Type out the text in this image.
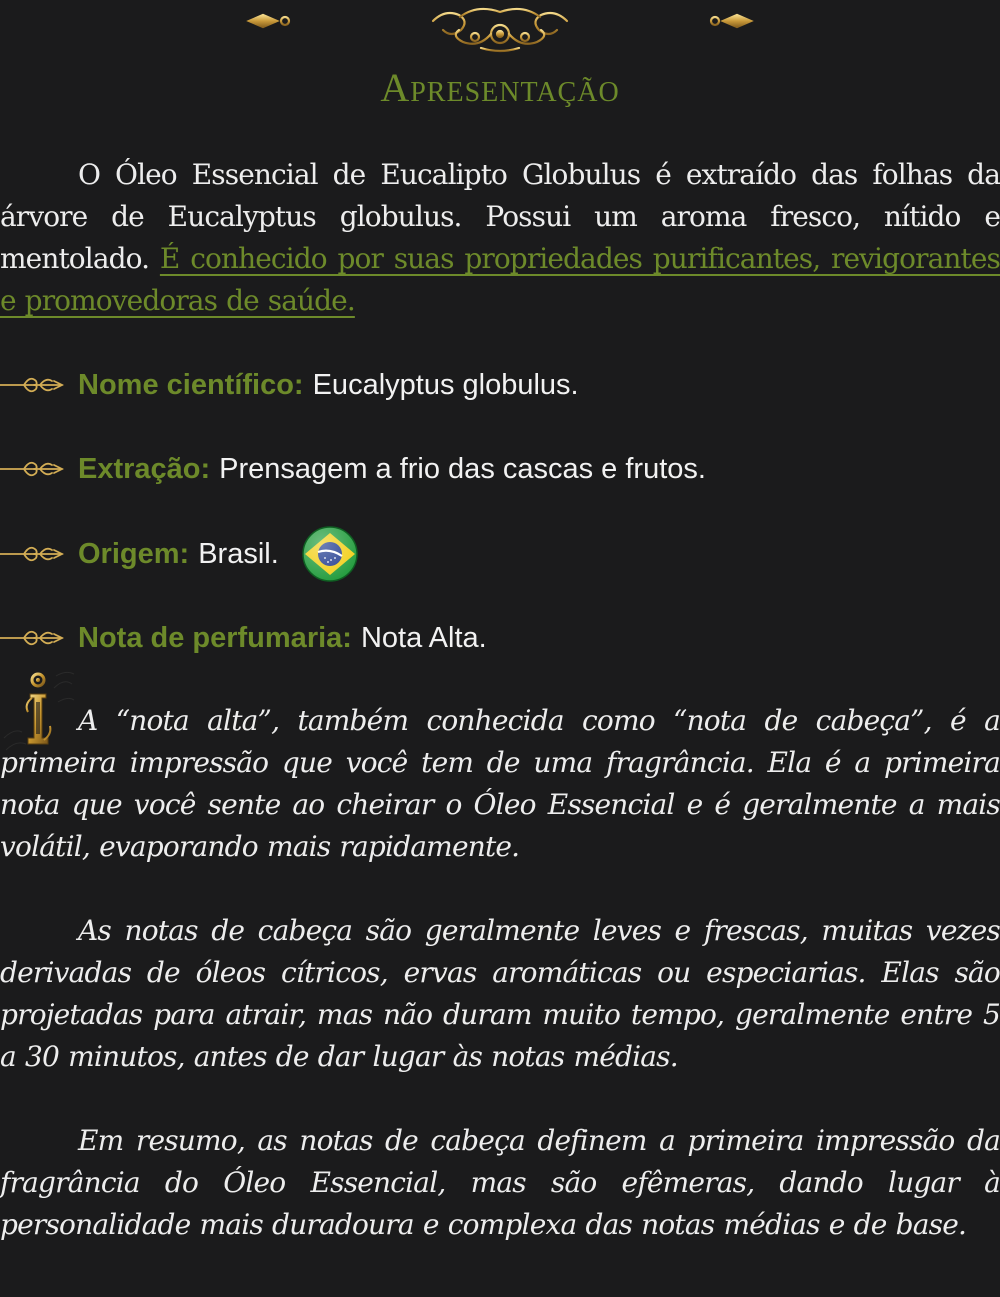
Apresentação

O Óleo Essencial de Eucalipto Globulus é extraído das folhas da árvore de Eucalyptus globulus. Possui um aroma fresco, nítido e mentolado. É conhecido por suas propriedades purificantes, revigorantes e promovedoras de saúde.

Nome científico: Eucalyptus globulus.
Extração: Prensagem a frio das cascas e frutos.
Origem: Brasil.
Nota de perfumaria: Nota Alta.

A “nota alta”, também conhecida como “nota de cabeça”, é a primeira impressão que você tem de uma fragrância. Ela é a primeira nota que você sente ao cheirar o Óleo Essencial e é geralmente a mais volátil, evaporando mais rapidamente.

As notas de cabeça são geralmente leves e frescas, muitas vezes derivadas de óleos cítricos, ervas aromáticas ou especiarias. Elas são projetadas para atrair, mas não duram muito tempo, geralmente entre 5 a 30 minutos, antes de dar lugar às notas médias.

Em resumo, as notas de cabeça definem a primeira impressão da fragrância do Óleo Essencial, mas são efêmeras, dando lugar à personalidade mais duradoura e complexa das notas médias e de base.
